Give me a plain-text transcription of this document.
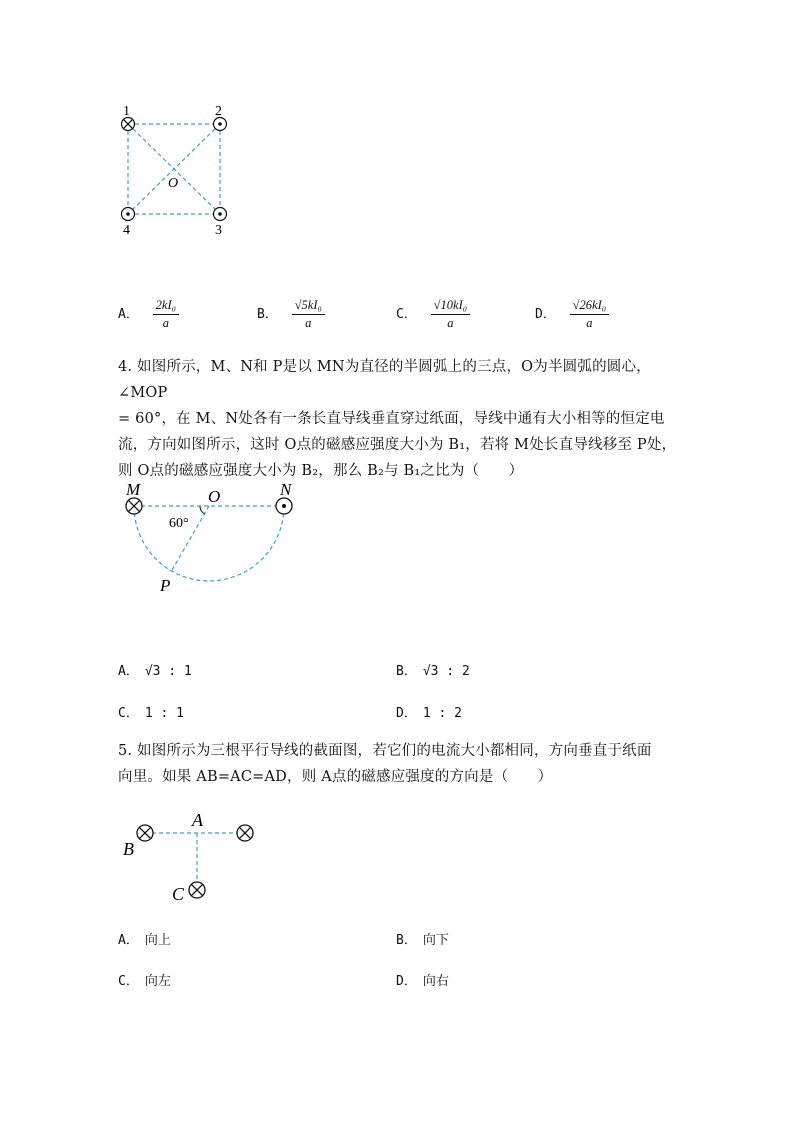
1	2
3
4
O
A． $\frac{\text{2kI₀}}{a}$	B． $\frac{\text{√5kI₀}}{a}$	C． $\frac{\text{√10kI₀}}{a}$	D． $\frac{\text{√26kI₀}}{a}$
4. 如图所示，M、N和 P是以 MN为直径的半圆弧上的三点，O为半圆弧的圆心，∠MOP
= 60°，在 M、N处各有一条长直导线垂直穿过纸面，导线中通有大小相等的恒定电
流，方向如图所示，这时 O点的磁感应强度大小为 B₁，若将 M处长直导线移至 P处，
则 O点的磁感应强度大小为 B₂，那么 B₂与 B₁之比为（　　）
M	O	N
60°
P
A． √3 : 1	B． √3 : 2
C． 1 : 1	D． 1 : 2
5. 如图所示为三根平行导线的截面图，若它们的电流大小都相同，方向垂直于纸面
向里。如果 AB=AC=AD，则 A点的磁感应强度的方向是（　　）
A
B
C
A． 向上	B． 向下
C． 向左	D． 向右
